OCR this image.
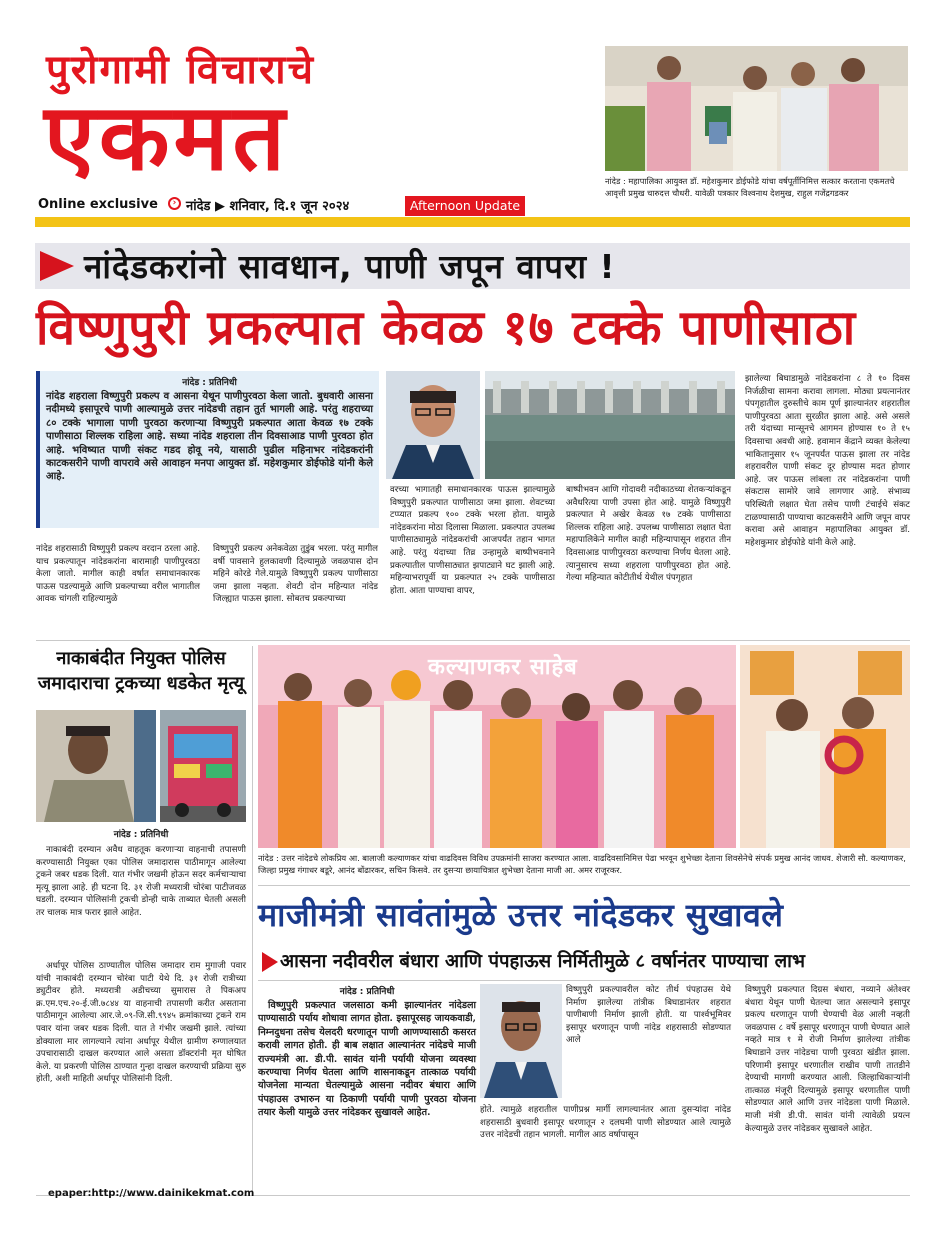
पुरोगामी विचाराचे
एकमत
Online exclusive	› नांदेड ▶ शनिवार, दि.१ जून २०२४	Afternoon Update

नांदेड : महापालिका आयुक्त डॉ. महेशकुमार डोईफोडे यांचा वर्षपूर्तीनिमित्त सत्कार करताना एकमतचे आवृत्ती प्रमुख चारुदत्त चौधरी. यावेळी पत्रकार विश्वनाथ देशमुख, राहुल गजेंद्रगडकर

नांदेडकरांनो सावधान, पाणी जपून वापरा !
विष्णुपुरी प्रकल्पात केवळ १७ टक्के पाणीसाठा

नांदेड : प्रतिनिधी

नांदेड शहराला विष्णुपुरी प्रकल्प व आसना येथून पाणीपुरवठा केला जातो. बुधवारी आसना नदीमध्ये इसापूरचे पाणी आल्यामुळे उत्तर नांदेडची तहान तुर्त भागली आहे. परंतु शहराच्या ८० टक्के भागाला पाणी पुरवठा करणाऱ्या विष्णुपुरी प्रकल्पात आता केवळ १७ टक्के पाणीसाठा शिल्लक राहिला आहे. सध्या नांदेड शहराला तीन दिवसाआड पाणी पुरवठा होत आहे. भविष्यात पाणी संकट गडद होवू नये, यासाठी पुढील महिनाभर नांदेडकरांनी काटकसरीने पाणी वापरावे असे आवाहन मनपा आयुक्त डॉ. महेशकुमार डोईफोडे यांनी केले आहे.

नांदेड शहरासाठी विष्णुपुरी प्रकल्प वरदान ठरला आहे. याच प्रकल्पातून नांदेडकरांना बारामाही पाणीपुरवठा केला जातो. मागील काही वर्षात समाधानकारक पाऊस पडल्यामुळे आणि प्रकल्पाच्या वरील भागातील आवक चांगली राहिल्यामुळे

विष्णुपुरी प्रकल्प अनेकवेळा तुडुंब भरला. परंतु मागील वर्षी पावसाने हुलकावणी दिल्यामुळे जवळपास दोन महिने कोरडे गेले.यामुळे विष्णुपुरी प्रकल्प पाणीसाठा जमा झाला नव्हता. शेवटी दोन महिन्यात नांदेड जिल्ह्यात पाऊस झाला. सोबतच प्रकल्पाच्या

वरच्या भागातही समाधानकारक पाऊस झाल्यामुळे विष्णुपुरी प्रकल्पात पाणीसाठा जमा झाला. शेवटच्या टप्प्यात प्रकल्प १०० टक्के भरला होता. यामुळे नांदेडकरांना मोठा दिलासा मिळाला. प्रकल्पात उपलब्ध पाणीसाठ्यामुळे नांदेडकरांची आजपर्यंत तहान भागत आहे. परंतु यंदाच्या तिव्र उन्हामुळे बाष्पीभवनाने प्रकल्पातील पाणीसाठ्यात झपाट्याने घट झाली आहे. महिन्याभरापूर्वी या प्रकल्पात २५ टक्के पाणीसाठा होता. आता पाण्याचा वापर,

बाष्पीभवन आणि गोदावरी नदीकाठच्या शेतकऱ्यांकडून अवैधरित्या पाणी उपसा होत आहे. यामुळे विष्णुपुरी प्रकल्पात मे अखेर केवळ १७ टक्के पाणीसाठा शिल्लक राहिला आहे. उपलब्ध पाणीसाठा लक्षात घेता महापालिकेने मागील काही महिन्यापासून शहरात तीन दिवसाआड पाणीपुरवठा करण्याचा निर्णय घेतला आहे. त्यानुसारच सध्या शहराला पाणीपुरवठा होत आहे. गेल्या महिन्यात कोटीतीर्थ येथील पंपगृहात

झालेल्या बिघाडामुळे नांदेडकरांना ८ ते १० दिवस निर्जळीचा सामना करावा लागला. मोठ्या प्रयत्नानंतर पंपगृहातील दुरुस्तीचे काम पूर्ण झाल्यानंतर शहरातील पाणीपुरवठा आता सुरळीत झाला आहे. असे असले तरी यंदाच्या मान्सूनचे आगमन होण्यास १० ते १५ दिवसाचा अवधी आहे. हवामान केंद्राने व्यक्त केलेल्या भाकितानुसार १५ जूनपर्यंत पाऊस झाला तर नांदेड शहरावरील पाणी संकट दूर होण्यास मदत होणार आहे. जर पाऊस लांबला तर नांदेडकरांना पाणी संकटास सामोरे जावे लागणार आहे. संभाव्य परिस्थिती लक्षात घेता तसेच पाणी टंचाईचे संकट टाळण्यासाठी पाण्याचा काटकसरीने आणि जपून वापर करावा असे आवाहन महापालिका आयुक्त डॉ. महेशकुमार डोईफोडे यांनी केले आहे.

नाकाबंदीत नियुक्त पोलिस
जमादाराचा ट्रकच्या धडकेत मृत्यू

नांदेड : प्रतिनिधी

नाकाबंदी दरम्यान अवैध वाहतूक करणाऱ्या वाहनाची तपासणी करण्यासाठी नियुक्त एका पोलिस जमादारास पाठीमागून आलेल्या ट्रकने जबर धडक दिली. यात गंभीर जखमी होऊन सदर कर्मचाऱ्याचा मृत्यू झाला आहे. ही घटना दि. ३१ रोजी मध्यरात्री चोरंबा पाटीजवळ घडली. दरम्यान पोलिसांनी ट्रकची डोन्ही चाके ताब्यात घेतली असली तर चालक मात्र फरार झाले आहेत.

अर्धापूर पोलिस ठाण्यातील पोलिस जमादार राम मुगाजी पवार यांची नाकाबंदी दरम्यान चोरंबा पाटी येथे दि. ३१ रोजी रात्रीच्या ड्युटीवर होते. मध्यरात्री अडीचच्या सुमारास ते पिकअप क्र.एम.एच.२०-ई.जी.७८४४ या वाहनाची तपासणी करीत असताना पाठीमागून आलेल्या आर.जे.०९-जि.सी.९९४५ क्रमांकाच्या ट्रकने राम पवार यांना जबर धडक दिली. यात ते गंभीर जखमी झाले. त्यांच्या डोक्याला मार लागल्याने त्यांना अर्धापूर येथील ग्रामीण रुग्णालयात उपचारासाठी दाखल करण्यात आले असता डॉक्टरांनी मृत घोषित केले. या प्रकरणी पोलिस ठाण्यात गुन्हा दाखल करण्याची प्रक्रिया सुरु होती, अशी माहिती अर्धापूर पोलिसांनी दिली.

कल्याणकर साहेब

नांदेड : उत्तर नांदेडचे लोकप्रिय आ. बालाजी कल्याणकर यांचा वाढदिवस विविध उपक्रमांनी साजरा करण्यात आला. वाढदिवसानिमित्त पेढा भरवून शुभेच्छा देताना शिवसेनेचे संपर्क प्रमुख आनंद जाधव. शेजारी सौ. कल्याणकर, जिल्हा प्रमुख गंगाधर बडूरे, आनंद बोंढारकर, सचिन किसवे. तर दुसऱ्या छायाचित्रात शुभेच्छा देताना माजी आ. अमर राजूरकर.

माजीमंत्री सावंतांमुळे उत्तर नांदेडकर सुखावले
आसना नदीवरील बंधारा आणि पंपहाऊस निर्मितीमुळे ८ वर्षानंतर पाण्याचा लाभ

नांदेड : प्रतिनिधी

विष्णुपुरी प्रकल्पात जलसाठा कमी झाल्यानंतर नांदेडला पाण्यासाठी पर्याय शोधावा लागत होता. इसापूरसह जायकवाडी, निम्नदुधना तसेच येलदरी धरणातून पाणी आणण्यासाठी कसरत करावी लागत होती. ही बाब लक्षात आल्यानंतर नांदेडचे माजी राज्यमंत्री आ. डी.पी. सावंत यांनी पर्यायी योजना व्यवस्था करण्याचा निर्णय घेतला आणि शासनाकडून तात्काळ पर्यायी योजनेला मान्यता घेतल्यामुळे आसना नदीवर बंधारा आणि पंपहाउस उभारुन या ठिकाणी पर्यायी पाणी पुरवठा योजना तयार केली यामुळे उत्तर नांदेडकर सुखावले आहेत.

विष्णुपुरी प्रकल्पावरील कोट तीर्थ पंपहाउस येथे निर्माण झालेल्या तांत्रीक बिघाडानंतर शहरात पाणीबाणी निर्माण झाली होती. या पार्श्वभूमिवर इसापूर धरणातून पाणी नांदेड शहरासाठी सोडण्यात आले

होते. त्यामुळे शहरातील पाणीप्रश्न मार्गी लागल्यानंतर आता दुसऱ्यांदा नांदेड शहरासाठी बुधवारी इसापूर धरणातून २ दलघमी पाणी सोडण्यात आले त्यामुळे उत्तर नांदेडची तहान भागली. मागील आठ वर्षापासून

विष्णुपुरी प्रकल्पात दिग्रस बंधारा, नव्याने अंतेश्वर बंधारा येथून पाणी घेतल्या जात असल्याने इसापूर प्रकल्प धरणातून पाणी घेण्याची वेळ आली नव्हती जवळपास ८ वर्षे इसापूर धरणातून पाणी घेण्यात आले नव्हते मात्र १ मे रोजी निर्माण झालेल्या तांत्रीक बिघाडाने उत्तर नांदेडचा पाणी पुरवठा खंडीत झाला. परिणामी इसापूर धरणातील राखीव पाणी तातडीने देण्याची मागणी करण्यात आली. जिल्हाधिकाऱ्यांनी तात्काळ मंजूरी दिल्यामुळे इसापूर धरणातील पाणी सोडण्यात आले आणि उत्तर नांदेडला पाणी मिळाले. माजी मंत्री डी.पी. सावंत यांनी त्यावेळी प्रयत्न केल्यामुळे उत्तर नांदेडकर सुखावले आहेत.

epaper:http://www.dainikekmat.com
